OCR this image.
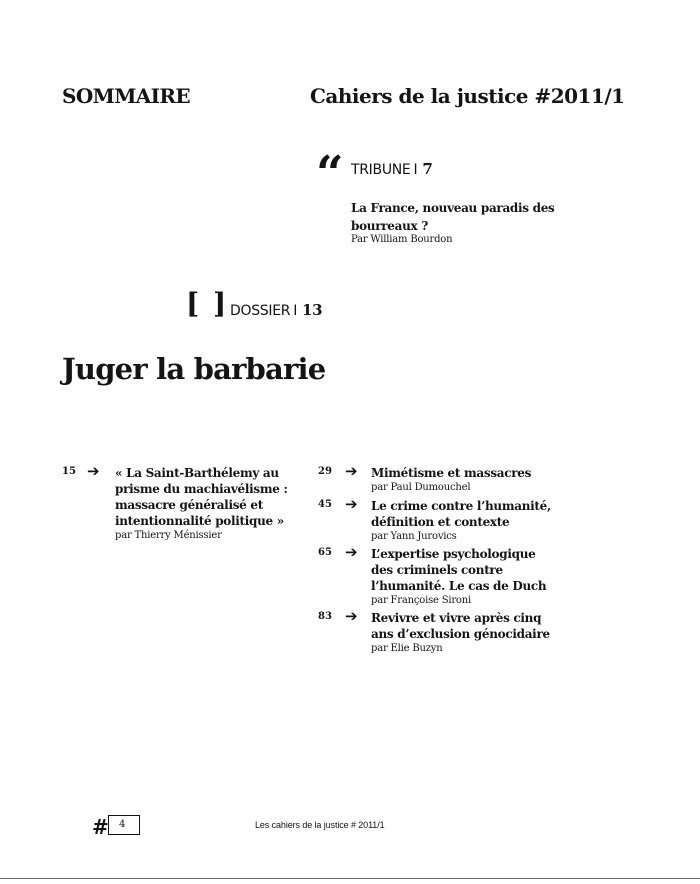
SOMMAIRE	Cahiers de la justice #2011/1
“ TRIBUNE I 7
La France, nouveau paradis des bourreaux ?
Par William Bourdon
[ ] DOSSIER I 13
Juger la barbarie
15 ➔ « La Saint-Barthélemy au prisme du machiavélisme : massacre généralisé et intentionnalité politique »
par Thierry Ménissier
29 ➔ Mimétisme et massacres
par Paul Dumouchel
45 ➔ Le crime contre l’humanité, définition et contexte
par Yann Jurovics
65 ➔ L’expertise psychologique des criminels contre l’humanité. Le cas de Duch
par Françoise Sironi
83 ➔ Revivre et vivre après cinq ans d’exclusion génocidaire
par Elie Buzyn
#	4	Les cahiers de la justice # 2011/1
